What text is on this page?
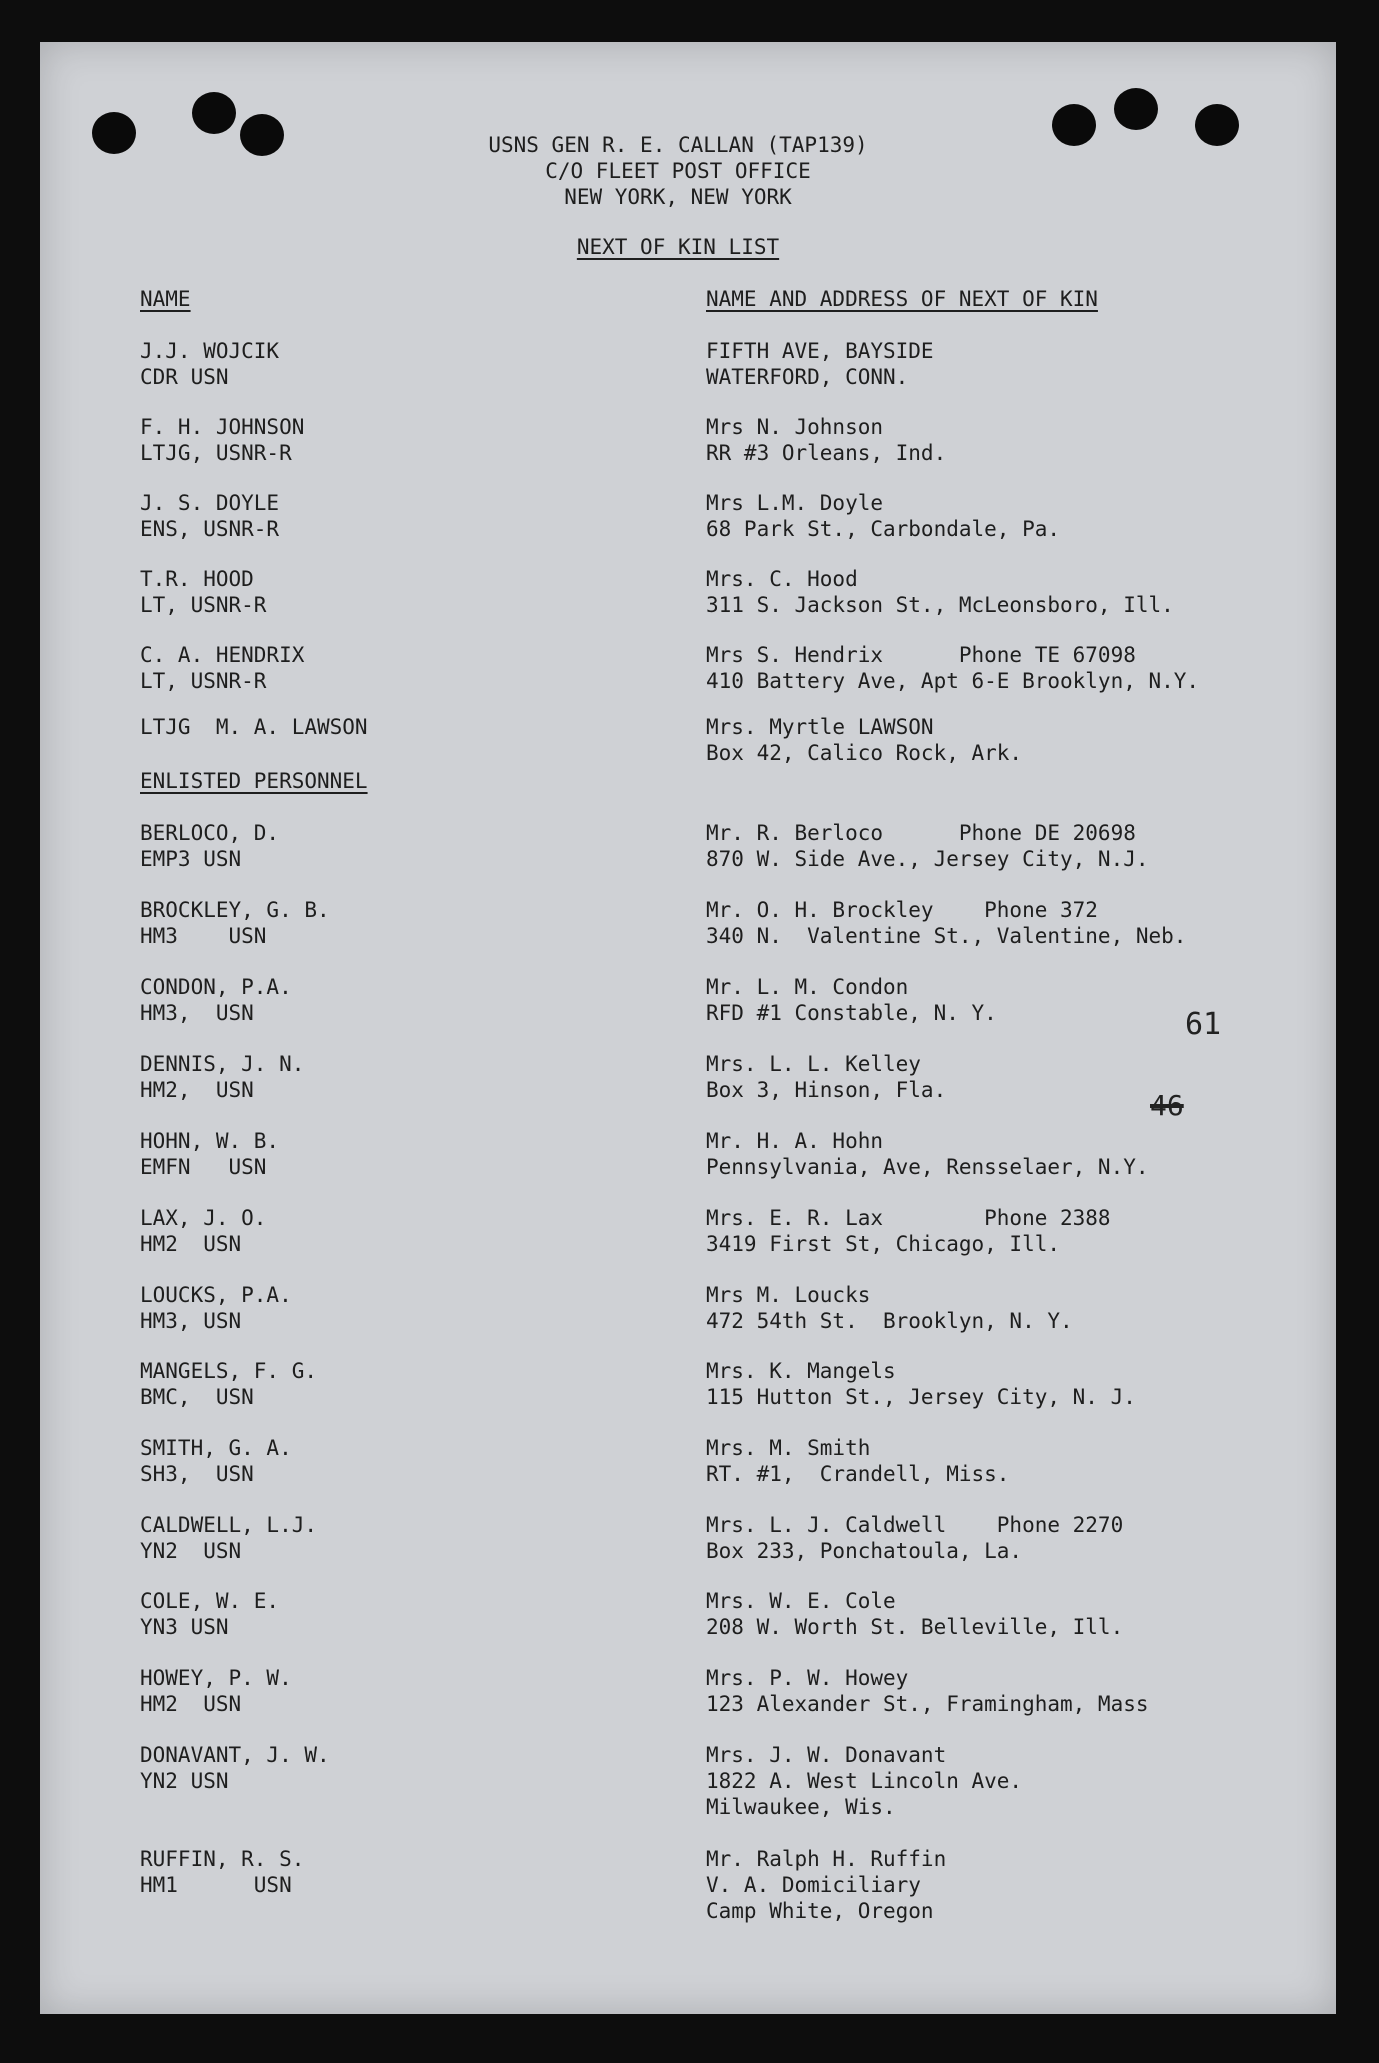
USNS GEN R. E. CALLAN (TAP139)
C/O FLEET POST OFFICE
NEW YORK, NEW YORK
NEXT OF KIN LIST
NAME	NAME AND ADDRESS OF NEXT OF KIN
J.J. WOJCIK
CDR USN
FIFTH AVE, BAYSIDE
WATERFORD, CONN.
F. H. JOHNSON
LTJG, USNR-R
Mrs N. Johnson
RR #3 Orleans, Ind.
J. S. DOYLE
ENS, USNR-R
Mrs L.M. Doyle
68 Park St., Carbondale, Pa.
T.R. HOOD
LT, USNR-R
Mrs. C. Hood
311 S. Jackson St., McLeonsboro, Ill.
C. A. HENDRIX
LT, USNR-R
Mrs S. Hendrix      Phone TE 67098
410 Battery Ave, Apt 6-E Brooklyn, N.Y.
LTJG  M. A. LAWSON	Mrs. Myrtle LAWSON
Box 42, Calico Rock, Ark.
ENLISTED PERSONNEL
BERLOCO, D.
EMP3 USN
Mr. R. Berloco      Phone DE 20698
870 W. Side Ave., Jersey City, N.J.
BROCKLEY, G. B.
HM3    USN
Mr. O. H. Brockley    Phone 372
340 N.  Valentine St., Valentine, Neb.
CONDON, P.A.
HM3,  USN
Mr. L. M. Condon
RFD #1 Constable, N. Y.
DENNIS, J. N.
HM2,  USN
Mrs. L. L. Kelley
Box 3, Hinson, Fla.
HOHN, W. B.
EMFN   USN
Mr. H. A. Hohn
Pennsylvania, Ave, Rensselaer, N.Y.
LAX, J. O.
HM2  USN
Mrs. E. R. Lax        Phone 2388
3419 First St, Chicago, Ill.
LOUCKS, P.A.
HM3, USN
Mrs M. Loucks
472 54th St.  Brooklyn, N. Y.
MANGELS, F. G.
BMC,  USN
Mrs. K. Mangels
115 Hutton St., Jersey City, N. J.
SMITH, G. A.
SH3,  USN
Mrs. M. Smith
RT. #1,  Crandell, Miss.
CALDWELL, L.J.
YN2  USN
Mrs. L. J. Caldwell    Phone 2270
Box 233, Ponchatoula, La.
COLE, W. E.
YN3 USN
Mrs. W. E. Cole
208 W. Worth St. Belleville, Ill.
HOWEY, P. W.
HM2  USN
Mrs. P. W. Howey
123 Alexander St., Framingham, Mass
DONAVANT, J. W.
YN2 USN
Mrs. J. W. Donavant
1822 A. West Lincoln Ave.
Milwaukee, Wis.
RUFFIN, R. S.
HM1      USN
Mr. Ralph H. Ruffin
V. A. Domiciliary
Camp White, Oregon
61
46
